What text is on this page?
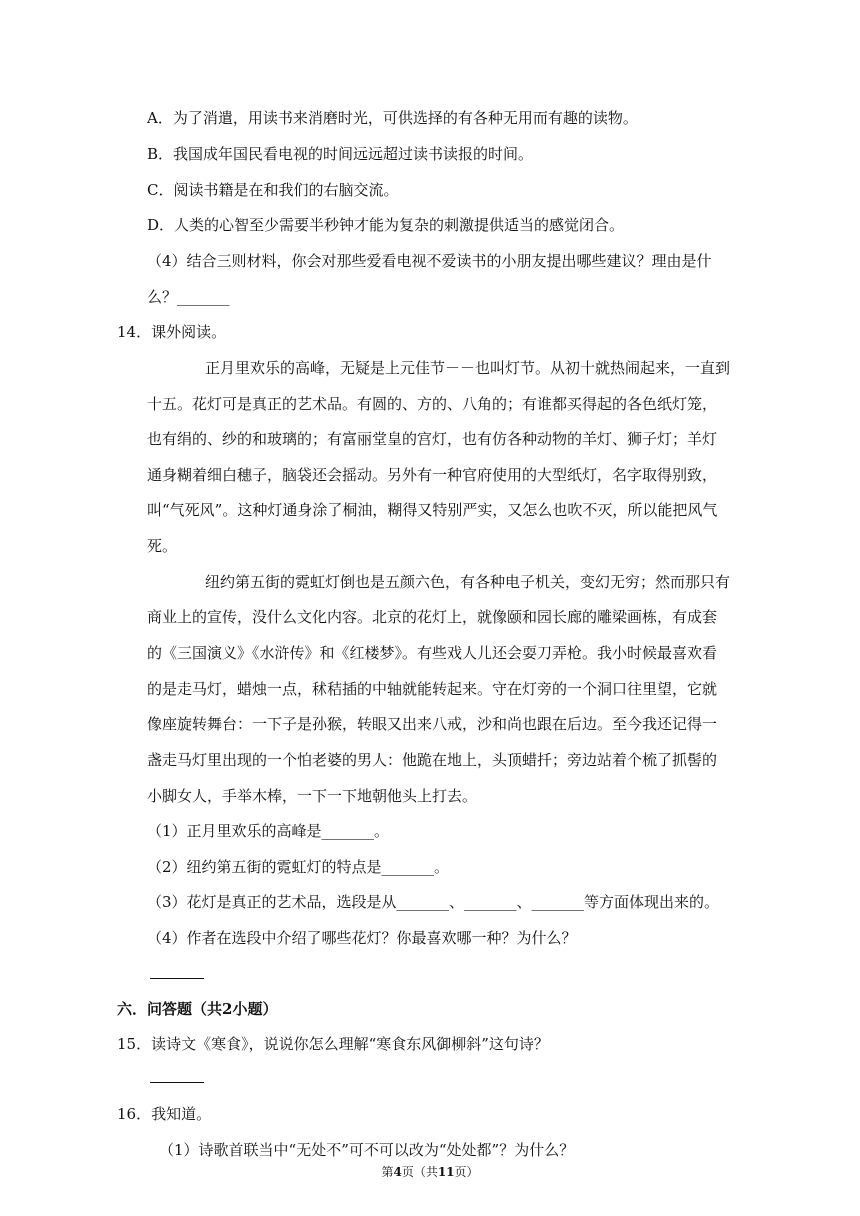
A．为了消遣，用读书来消磨时光，可供选择的有各种无用而有趣的读物。
B．我国成年国民看电视的时间远远超过读书读报的时间。
C．阅读书籍是在和我们的右脑交流。
D．人类的心智至少需要半秒钟才能为复杂的刺激提供适当的感觉闭合。
（4）结合三则材料，你会对那些爱看电视不爱读书的小朋友提出哪些建议？理由是什
么？_______
14．课外阅读。
正月里欢乐的高峰，无疑是上元佳节－－也叫灯节。从初十就热闹起来，一直到
十五。花灯可是真正的艺术品。有圆的、方的、八角的；有谁都买得起的各色纸灯笼，
也有绢的、纱的和玻璃的；有富丽堂皇的宫灯，也有仿各种动物的羊灯、狮子灯；羊灯
通身糊着细白穗子，脑袋还会摇动。另外有一种官府使用的大型纸灯，名字取得别致，
叫“气死风”。这种灯通身涂了桐油，糊得又特别严实，又怎么也吹不灭，所以能把风气
死。
纽约第五街的霓虹灯倒也是五颜六色，有各种电子机关，变幻无穷；然而那只有
商业上的宣传，没什么文化内容。北京的花灯上，就像颐和园长廊的雕梁画栋，有成套
的《三国演义》《水浒传》和《红楼梦》。有些戏人儿还会耍刀弄枪。我小时候最喜欢看
的是走马灯，蜡烛一点，秫秸插的中轴就能转起来。守在灯旁的一个洞口往里望，它就
像座旋转舞台：一下子是孙猴，转眼又出来八戒，沙和尚也跟在后边。至今我还记得一
盏走马灯里出现的一个怕老婆的男人：他跪在地上，头顶蜡扦；旁边站着个梳了抓髻的
小脚女人，手举木棒，一下一下地朝他头上打去。
（1）正月里欢乐的高峰是_______。
（2）纽约第五街的霓虹灯的特点是_______。
（3）花灯是真正的艺术品，选段是从_______、_______、_______等方面体现出来的。
（4）作者在选段中介绍了哪些花灯？你最喜欢哪一种？为什么？
六．问答题（共2小题）
15．读诗文《寒食》，说说你怎么理解“寒食东风御柳斜”这句诗？
16．我知道。
（1）诗歌首联当中“无处不”可不可以改为“处处都”？为什么？
第4页（共11页）
